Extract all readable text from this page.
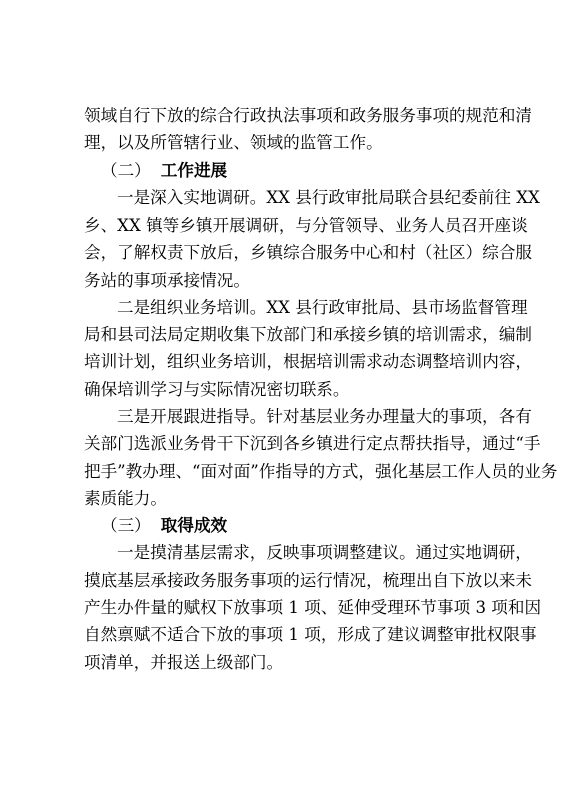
领域自行下放的综合行政执法事项和政务服务事项的规范和清
理，以及所管辖行业、领域的监管工作。
（二） 工作进展
一是深入实地调研。XX 县行政审批局联合县纪委前往 XX
乡、XX 镇等乡镇开展调研，与分管领导、业务人员召开座谈
会，了解权责下放后，乡镇综合服务中心和村（社区）综合服
务站的事项承接情况。
二是组织业务培训。XX 县行政审批局、县市场监督管理
局和县司法局定期收集下放部门和承接乡镇的培训需求，编制
培训计划，组织业务培训，根据培训需求动态调整培训内容，
确保培训学习与实际情况密切联系。
三是开展跟进指导。针对基层业务办理量大的事项，各有
关部门选派业务骨干下沉到各乡镇进行定点帮扶指导，通过“手
把手”教办理、“面对面”作指导的方式，强化基层工作人员的业务
素质能力。
（三） 取得成效
一是摸清基层需求，反映事项调整建议。通过实地调研，
摸底基层承接政务服务事项的运行情况，梳理出自下放以来未
产生办件量的赋权下放事项 1 项、延伸受理环节事项 3 项和因
自然禀赋不适合下放的事项 1 项，形成了建议调整审批权限事
项清单，并报送上级部门。
